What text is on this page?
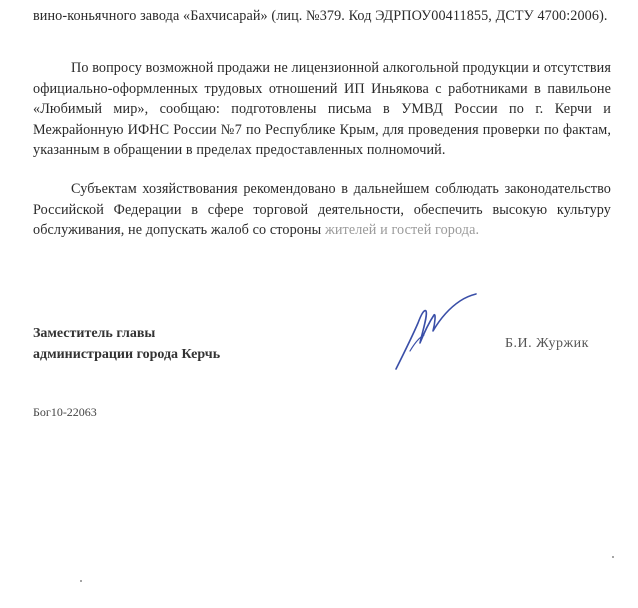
вино-коньячного завода «Бахчисарай» (лиц. №379. Код ЭДРПОУ00411855, ДСТУ 4700:2006).
По вопросу возможной продажи не лицензионной алкогольной продукции и отсутствия официально-оформленных трудовых отношений ИП Иньякова с работниками в павильоне «Любимый мир», сообщаю: подготовлены письма в УМВД России по г. Керчи и Межрайонную ИФНС России №7 по Республике Крым, для проведения проверки по фактам, указанным в обращении в пределах предоставленных полномочий.
Субъектам хозяйствования рекомендовано в дальнейшем соблюдать законодательство Российской Федерации в сфере торговой деятельности, обеспечить высокую культуру обслуживания, не допускать жалоб со стороны жителей и гостей города.
Заместитель главы
администрации города Керчь
Б.И. Журжик
Бог10-22063
